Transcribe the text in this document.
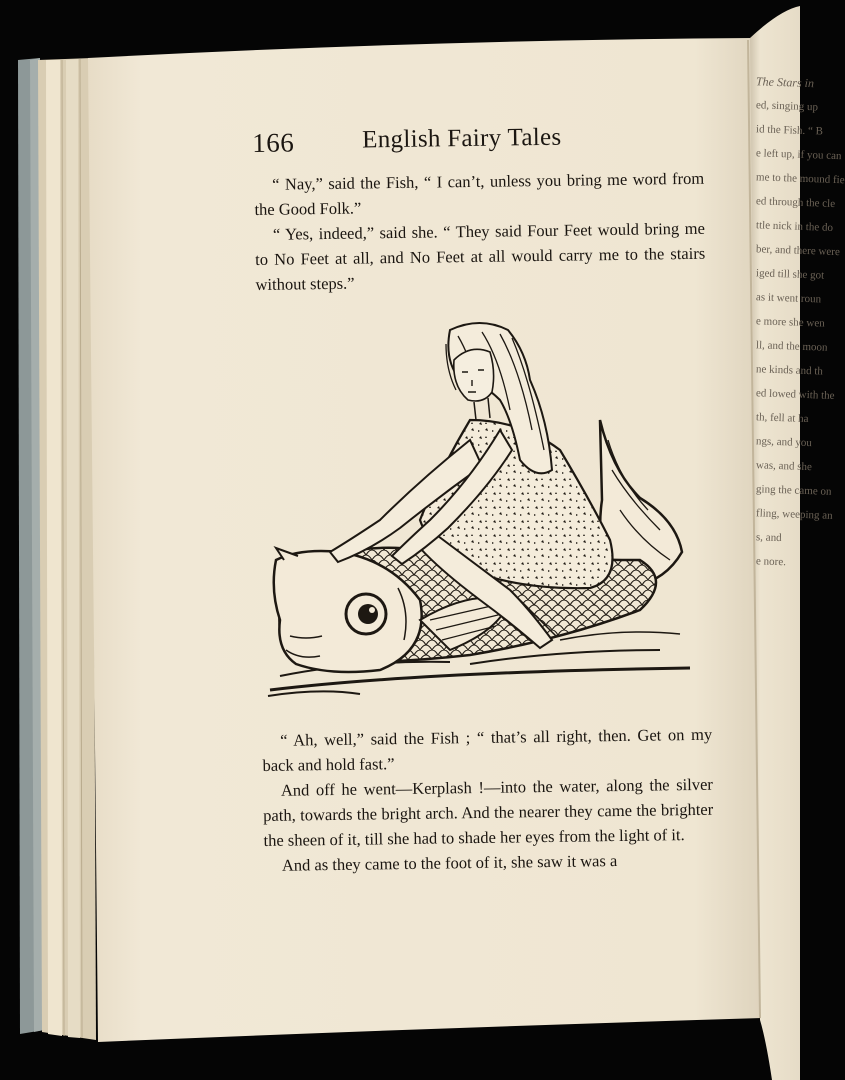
166	English Fairy Tales

“ Nay,” said the Fish, “ I can’t, unless you bring me word from the Good Folk.”

“ Yes, indeed,” said she. “ They said Four Feet would bring me to No Feet at all, and No Feet at all would carry me to the stairs without steps.”

“ Ah, well,” said the Fish ; “ that’s all right, then. Get on my back and hold fast.”

And off he went—Kerplash !—into the water, along the silver path, towards the bright arch. And the nearer they came the brighter the sheen of it, till she had to shade her eyes from the light of it.

And as they came to the foot of it, she saw it was a

The Stars in
ed, singing up
id the Fish. “ B
e left up, if you can
me to the mound fie
ed through the cle
ttle nick in the do
ber, and there were
iged till she got
as it went roun
e more she wen
ll, and the moon
ne kinds and th
ed lowed with the
th, fell at ha
ngs, and you
was, and she
ging the came on
fling, weeping an
s, and
e nore.
